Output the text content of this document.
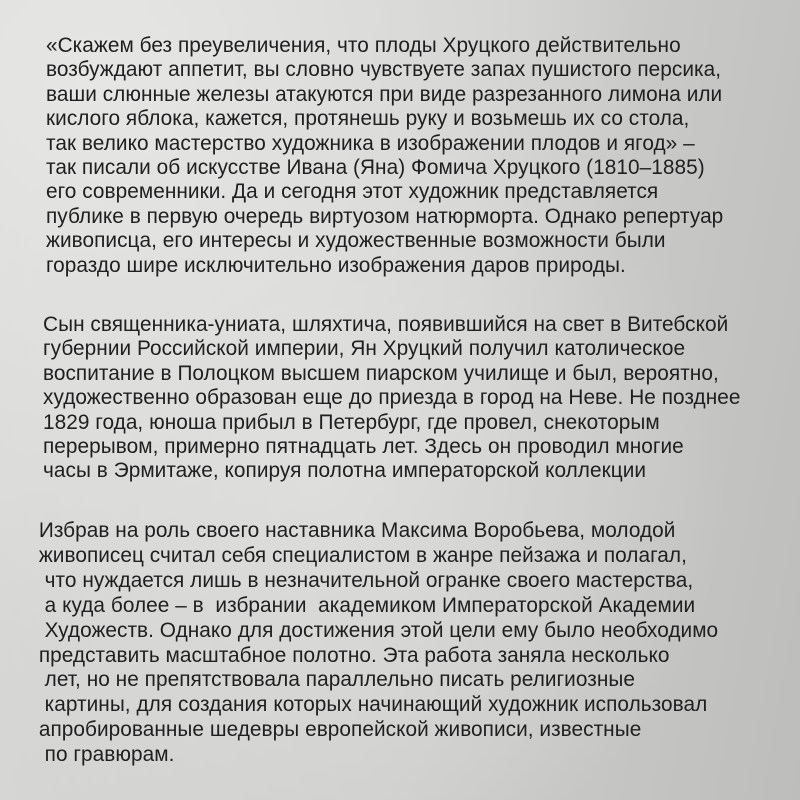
«Скажем без преувеличения, что плоды Хруцкого действительно
возбуждают аппетит, вы словно чувствуете запах пушистого персика,
ваши слюнные железы атакуются при виде разрезанного лимона или
кислого яблока, кажется, протянешь руку и возьмешь их со стола,
так велико мастерство художника в изображении плодов и ягод» –
так писали об искусстве Ивана (Яна) Фомича Хруцкого (1810–1885)
его современники. Да и сегодня этот художник представляется
публике в первую очередь виртуозом натюрморта. Однако репертуар
живописца, его интересы и художественные возможности были
гораздо шире исключительно изображения даров природы.
Сын священника-униата, шляхтича, появившийся на свет в Витебской
губернии Российской империи, Ян Хруцкий получил католическое
воспитание в Полоцком высшем пиарском училище и был, вероятно,
художественно образован еще до приезда в город на Неве. Не позднее
1829 года, юноша прибыл в Петербург, где провел, снекоторым
перерывом, примерно пятнадцать лет. Здесь он проводил многие
часы в Эрмитаже, копируя полотна императорской коллекции
Избрав на роль своего наставника Максима Воробьева, молодой
живописец считал себя специалистом в жанре пейзажа и полагал,
что нуждается лишь в незначительной огранке своего мастерства,
а куда более – в  избрании  академиком Императорской Академии
Художеств. Однако для достижения этой цели ему было необходимо
представить масштабное полотно. Эта работа заняла несколько
лет, но не препятствовала параллельно писать религиозные
картины, для создания которых начинающий художник использовал
апробированные шедевры европейской живописи, известные
по гравюрам.
